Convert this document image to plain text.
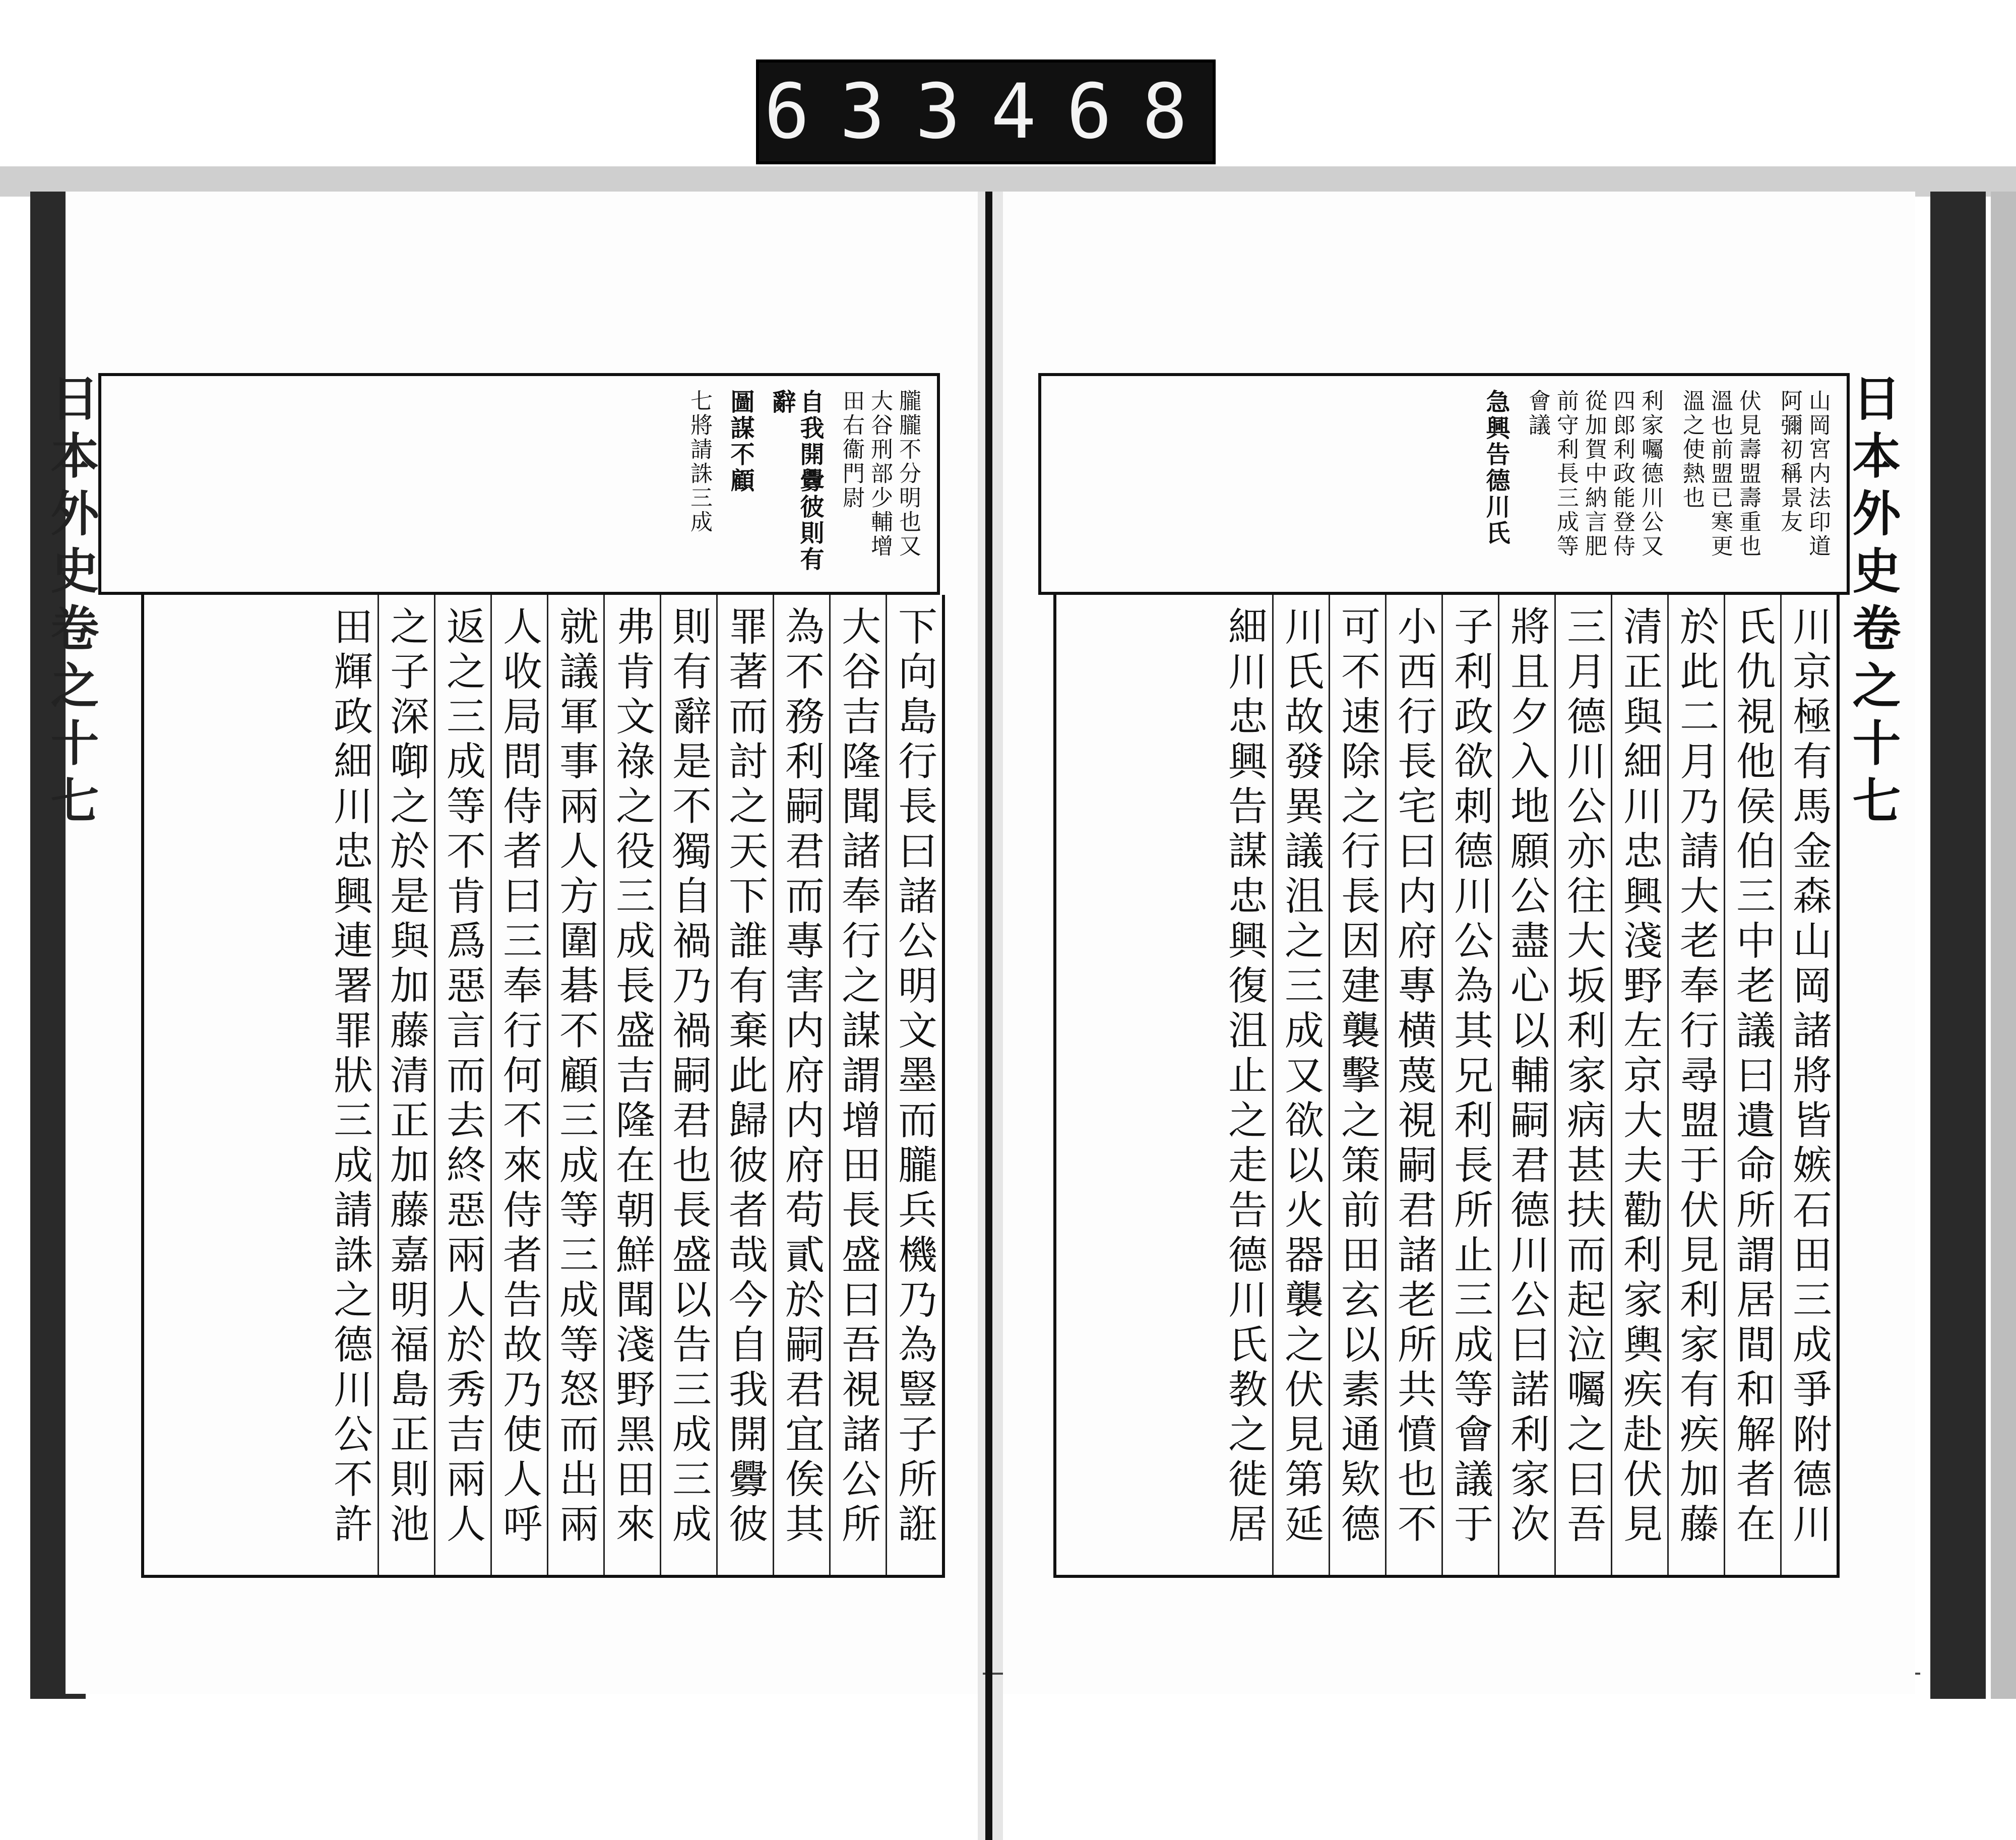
6 3 3 4 6 8
日本外史卷之十七
日本外史卷之十七	山岡宮内法印道阿彌初稱景友
伏見壽盟壽重也溫也前盟已寒更溫之使熱也
利家囑德川公又四郎利政能登侍從加賀中納言肥前守利長三成等會議
急興告德川氏
朧朧不分明也又大谷刑部少輔增田右衞門尉
自我開釁彼則有辭
圖謀不顧
七將請誅三成
川京極有馬金森山岡諸將皆嫉石田三成爭附德川
氏仇視他侯伯三中老議曰遺命所謂居間和解者在
於此二月乃請大老奉行尋盟于伏見利家有疾加藤
清正與細川忠興淺野左京大夫勸利家輿疾赴伏見
三月德川公亦往大坂利家病甚扶而起泣囑之曰吾
將且夕入地願公盡心以輔嗣君德川公曰諾利家次
子利政欲刺德川公為其兄利長所止三成等會議于
小西行長宅曰内府專横蔑視嗣君諸老所共憤也不
可不速除之行長因建襲擊之策前田玄以素通欵德
川氏故發異議沮之三成又欲以火器襲之伏見第延
細川忠興告謀忠興復沮止之走告德川氏教之徙居
下向島行長曰諸公明文墨而朧兵機乃為豎子所誑
大谷吉隆聞諸奉行之謀謂增田長盛曰吾視諸公所
為不務利嗣君而專害内府内府苟貳於嗣君宜俟其
罪著而討之天下誰有棄此歸彼者哉今自我開釁彼
則有辭是不獨自禍乃禍嗣君也長盛以告三成三成
弗肯文祿之役三成長盛吉隆在朝鮮聞淺野黑田來
就議軍事兩人方圍碁不顧三成等三成等怒而出兩
人收局問侍者曰三奉行何不來侍者告故乃使人呼
返之三成等不肯爲惡言而去終惡兩人於秀吉兩人
之子深啣之於是與加藤清正加藤嘉明福島正則池
田輝政細川忠興連署罪狀三成請誅之德川公不許
